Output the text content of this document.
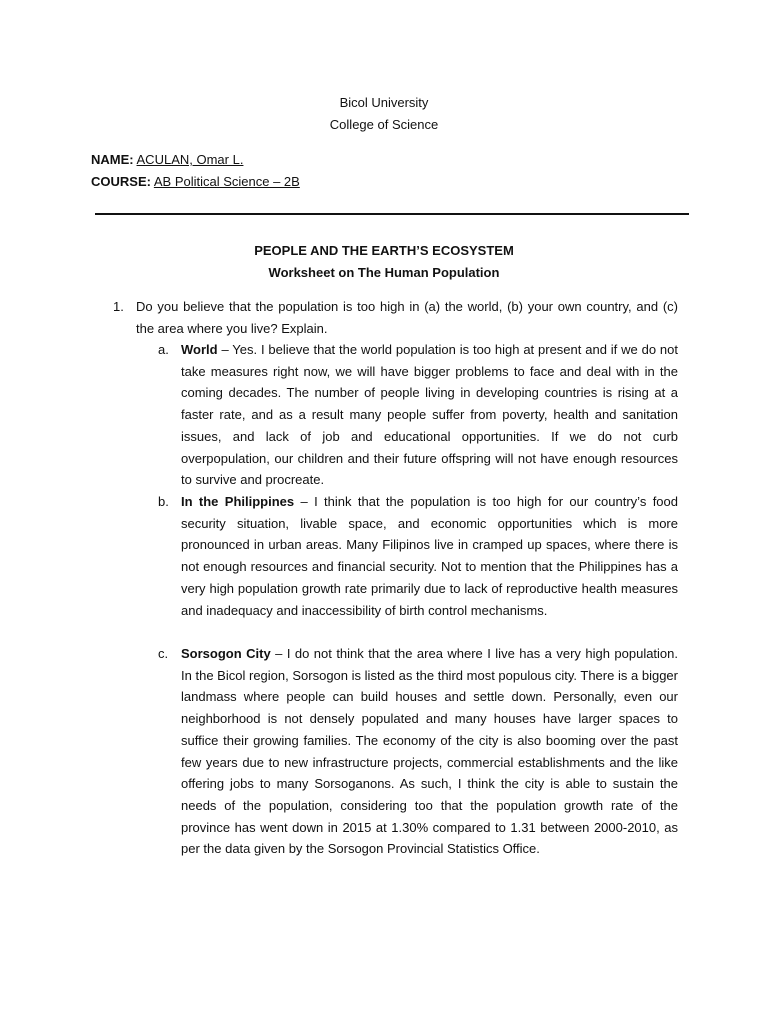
Bicol University
College of Science
NAME: ACULAN, Omar L.
COURSE: AB Political Science – 2B
PEOPLE AND THE EARTH’S ECOSYSTEM
Worksheet on The Human Population
1. Do you believe that the population is too high in (a) the world, (b) your own country, and (c) the area where you live? Explain.
a. World – Yes. I believe that the world population is too high at present and if we do not take measures right now, we will have bigger problems to face and deal with in the coming decades. The number of people living in developing countries is rising at a faster rate, and as a result many people suffer from poverty, health and sanitation issues, and lack of job and educational opportunities. If we do not curb overpopulation, our children and their future offspring will not have enough resources to survive and procreate.
b. In the Philippines – I think that the population is too high for our country’s food security situation, livable space, and economic opportunities which is more pronounced in urban areas. Many Filipinos live in cramped up spaces, where there is not enough resources and financial security. Not to mention that the Philippines has a very high population growth rate primarily due to lack of reproductive health measures and inadequacy and inaccessibility of birth control mechanisms.
c. Sorsogon City – I do not think that the area where I live has a very high population. In the Bicol region, Sorsogon is listed as the third most populous city. There is a bigger landmass where people can build houses and settle down. Personally, even our neighborhood is not densely populated and many houses have larger spaces to suffice their growing families. The economy of the city is also booming over the past few years due to new infrastructure projects, commercial establishments and the like offering jobs to many Sorsoganons. As such, I think the city is able to sustain the needs of the population, considering too that the population growth rate of the province has went down in 2015 at 1.30% compared to 1.31 between 2000-2010, as per the data given by the Sorsogon Provincial Statistics Office.
